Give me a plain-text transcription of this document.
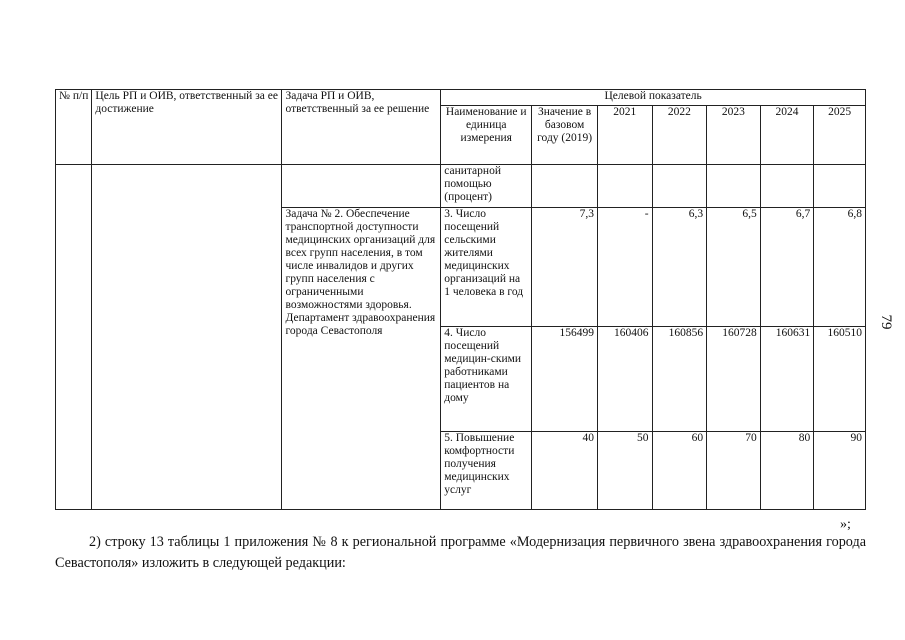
№ п/п	Цель РП и ОИВ, ответственный за ее достижение	Задача РП и ОИВ, ответственный за ее решение	Целевой показатель						
			Наименование и единица измерения	Значение в базовом году (2019)	2021	2022	2023	2024	2025
			санитарной помощью (процент)						
		Задача № 2. Обеспечение транспортной доступности медицинских организаций для всех групп населения, в том числе инвалидов и других групп населения с ограниченными возможностями здоровья. Департамент здравоохранения города Севастополя	3. Число посещений сельскими жителями медицинских организаций на 1 человека в год	7,3	-	6,3	6,5	6,7	6,8
			4. Число посещений медицин-скими работниками пациентов на дому	156499	160406	160856	160728	160631	160510
			5. Повышение комфортности получения медицинских услуг	40	50	60	70	80	90
79
»;
2) строку 13 таблицы 1 приложения № 8 к региональной программе «Модернизация первичного звена здравоохранения города Севастополя» изложить в следующей редакции:
